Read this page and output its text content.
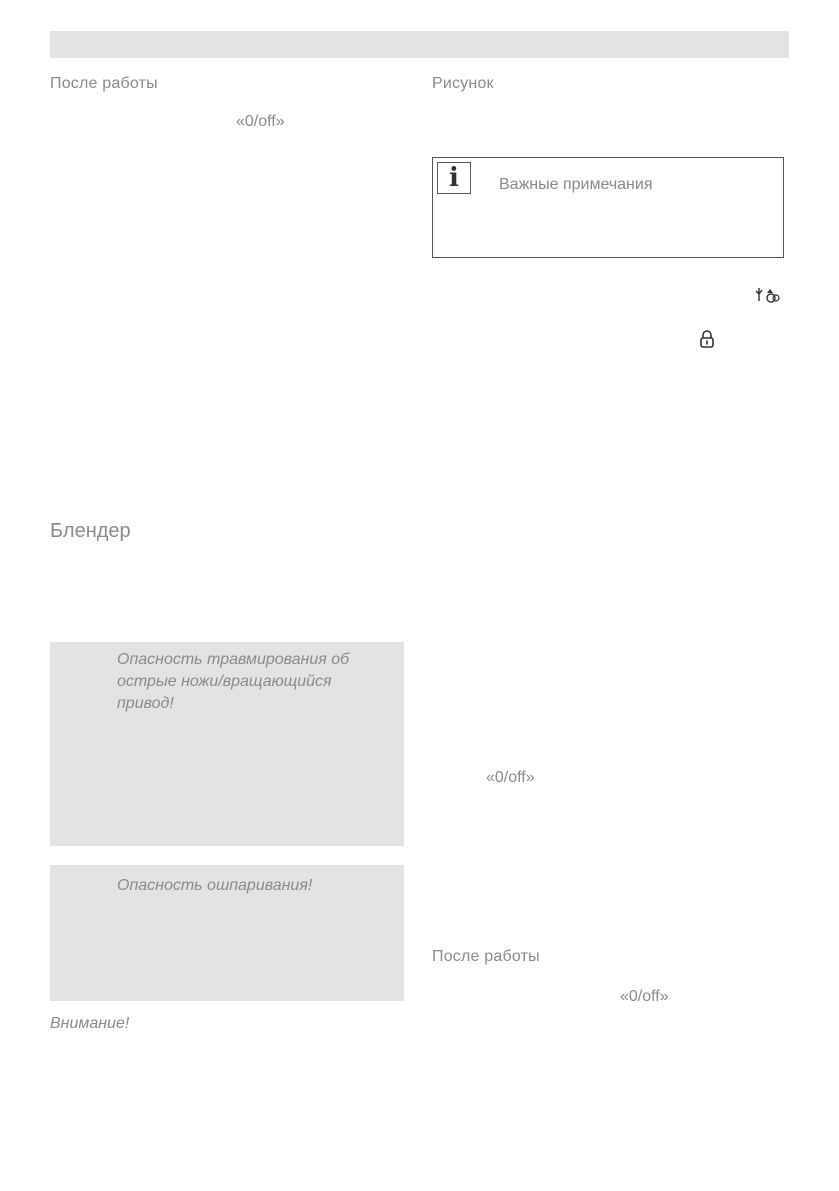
После работы
«0/off»
Блендер
Опасность травмирования об острые ножи/вращающийся привод!
Опасность ошпаривания!
Внимание!
Рисунок
i	Важные примечания
«0/off»
После работы
«0/off»
